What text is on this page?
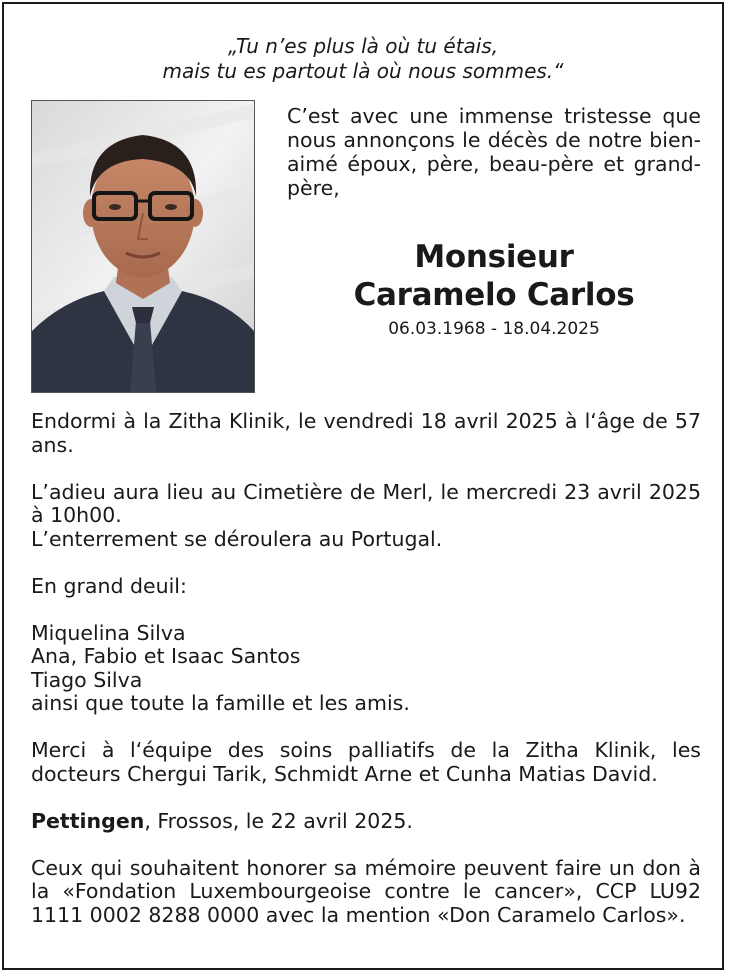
„Tu n’es plus là où tu étais,
mais tu es partout là où nous sommes.“

C’est avec une immense tristesse que nous annonçons le décès de notre bien-aimé époux, père, beau-père et grand-père,

Monsieur
Caramelo Carlos
06.03.1968 - 18.04.2025

Endormi à la Zitha Klinik, le vendredi 18 avril 2025 à l‘âge de 57 ans.

L’adieu aura lieu au Cimetière de Merl, le mercredi 23 avril 2025 à 10h00.

L’enterrement se déroulera au Portugal.

En grand deuil:

Miquelina Silva

Ana, Fabio et Isaac Santos

Tiago Silva

ainsi que toute la famille et les amis.

Merci à l‘équipe des soins palliatifs de la Zitha Klinik, les docteurs Chergui Tarik, Schmidt Arne et Cunha Matias David.

Pettingen, Frossos, le 22 avril 2025.

Ceux qui souhaitent honorer sa mémoire peuvent faire un don à la «Fondation Luxembourgeoise contre le cancer», CCP LU92 1111 0002 8288 0000 avec la mention «Don Caramelo Carlos».
